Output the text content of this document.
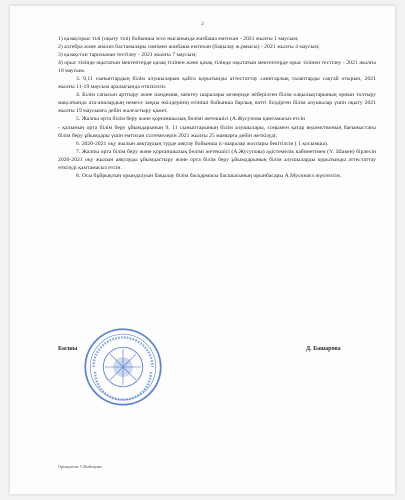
2

1) қазақ/орыс тілі (оқыту тілі) бойынша эссе нысанында жазбаша емтихан - 2021 жылғы 1 маусым;

2) алгебра және анализ бастамалары пәнімен жазбаша емтихан (бақылау ж.рмысы) - 2021 жылғы 4 маусым;

3) қазақстан тарихынан тестілеу - 2021 жылғы 7 маусым;

4) орыс тілінде оқытатын мектептерде қазақ тілінен және қазақ тілінде оқытатын мектептерде орыс тілінен тестілеу - 2021 жылғы 10 маусым.

3. 9,11 сыныптардың білім алушыларын қайта қорытынды аттестаттау санитарлық талаптарды сақтай отырып, 2021 жылғы 11-19 маусым аралығында өткізілсін.

4. Білім сапасын арттыру және пандемия, шектеу шаралары кезеңінде жіберілген білім олқылықтарының орнын толтыру мақсатында ата-аналардың немесе заңды өкілдерінің өтініші бойынша барлық нәтті білдірген білім алушылар үшін оқыту 2021 жылғы 19 маусымға дейін жалғастыру қажет.

5. Жалпы орта білім беру және қорғаншылық бөлімі жетекшісі (А.Жусупова қамтамасыз етсін

- қалының орта білім беру ұйымдарының 9, 11 сыныптарының білім алушылары, соңымен қатар ведомствоның бағыныстағы білім беру ұйымдары үшін емтихан сілтемелерін 2021 жылғы 25 мамырға дейін жеткізуді;

6. 2020-2021 оқу жылын аяқтаудың түрде аяқтау бойынша іс-шаралар жоспары бекітілсін ( 1 қосымша).

7. Жалпы орта білім беру және қорғаншылық бөлімі жетекшісі (А.Жусупова) әдістемелік кабинетімен (Ү. Шакен) бірлесін 2020-2021 оқу жылын аяқтауды ұйымдастыру және орта білім беру ұйымдарының білім алушыларды қорытынды аттестаттау өткізуді қамтамасыз етсін.

8. Осы бұйрықтың орындалуын бақылау білім басқармасы басшысының орынбасары А.Мусинаға жүктелсін.

Басшы	Д. Башарова
Орындаған: Г.Жайлаумн
